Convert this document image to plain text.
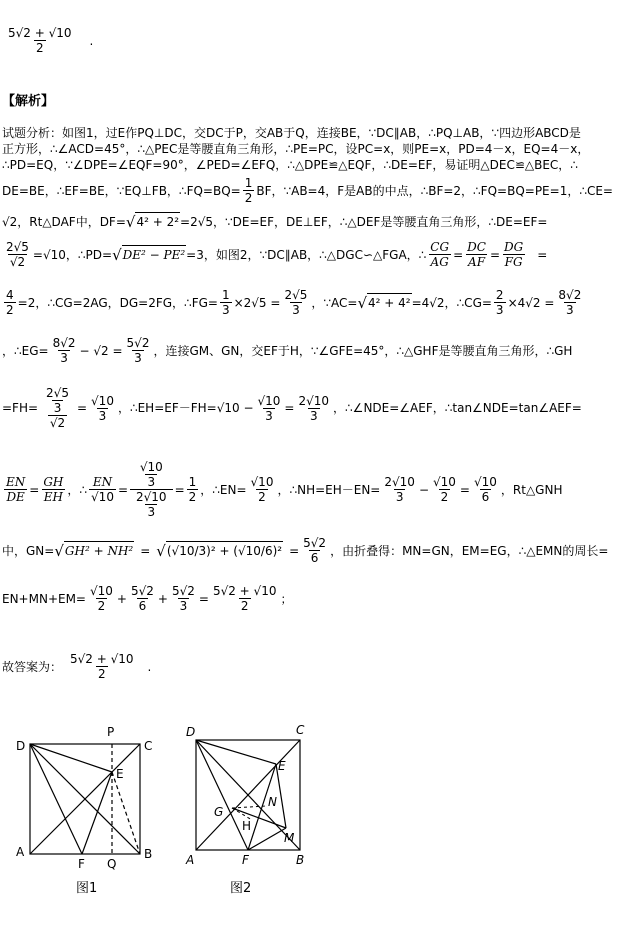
$\frac{5√2 + √10}{2}$ .
【解析】
试题分析：如图1，过E作PQ⊥DC，交DC于P，交AB于Q，连接BE，∵DC∥AB，∴PQ⊥AB，∵四边形ABCD是
正方形，∴∠ACD=45°，∴△PEC是等腰直角三角形，∴PE=PC，设PC=x，则PE=x，PD=4－x，EQ=4－x，
∴PD=EQ，∵∠DPE=∠EQF=90°，∠PED=∠EFQ，∴△DPE≌△EQF，∴DE=EF，易证明△DEC≌△BEC，∴
DE=BE，∴EF=BE，∵EQ⊥FB，∴FQ=BQ= $\frac{1}{2}$ BF，∵AB=4，F是AB的中点，∴BF=2，∴FQ=BQ=PE=1，∴CE=
√2 ，Rt△DAF中，DF= √ 4² + 2² =2√5，∵DE=EF，DE⊥EF，∴△DEF是等腰直角三角形，∴DE=EF=
$\frac{2√5}{√2} =√10$，∴PD= √ DE² − PE² =3，如图2，∵DC∥AB，∴△DGC∽△FGA，∴ $\frac{CG}{AG} = \frac{DC}{AF} = \frac{DG}{FG}$ =
$\frac{4}{2} =2$，∴CG=2AG，DG=2FG，∴FG= $\frac{1}{3} \times 2√5 = \frac{2√5}{3}$ ，∵AC= √ 4² + 4² =4√2，∴CG= $\frac{2}{3} \times 4√2 = \frac{8√2}{3}$
，∴EG= $\frac{8√2}{3} - √2 = \frac{5√2}{3}$ ，连接GM、GN，交EF于H，∵∠GFE=45°，∴△GHF是等腰直角三角形，∴GH
$=FH= \frac{\frac{2√5}{3}}{√2} = \frac{√10}{3}$ ，∴EH=EF－FH=√10 − $\frac{√10}{3} = \frac{2√10}{3}$ ，∴∠NDE=∠AEF，∴tan∠NDE=tan∠AEF=
$\frac{EN}{DE} = \frac{GH}{EH}$ ，∴ $\frac{EN}{√10} = \frac{\frac{√10}{3}}{\frac{2√10}{3}} = \frac{1}{2}$ ，∴EN= $\frac{√10}{2}$ ，∴NH=EH－EN= $\frac{2√10}{3} - \frac{√10}{2} = \frac{√10}{6}$ ，Rt△GNH
中，GN= √ GH² + NH² = √ $(√10/3)^2 + (√10/6)^2 = \frac{5√2}{6}$ ，由折叠得：MN=GN，EM=EG，∴△EMN的周长=
$EN+MN+EM= \frac{√10}{2} + \frac{5√2}{6} + \frac{5√2}{3} = \frac{5√2 + √10}{2}$ ；
故答案为： $\frac{5√2 + √10}{2}$ .
D
P
C
E
A
F Q
B
图1
D	C
E
G
N
H
M
A	F	B
图2
